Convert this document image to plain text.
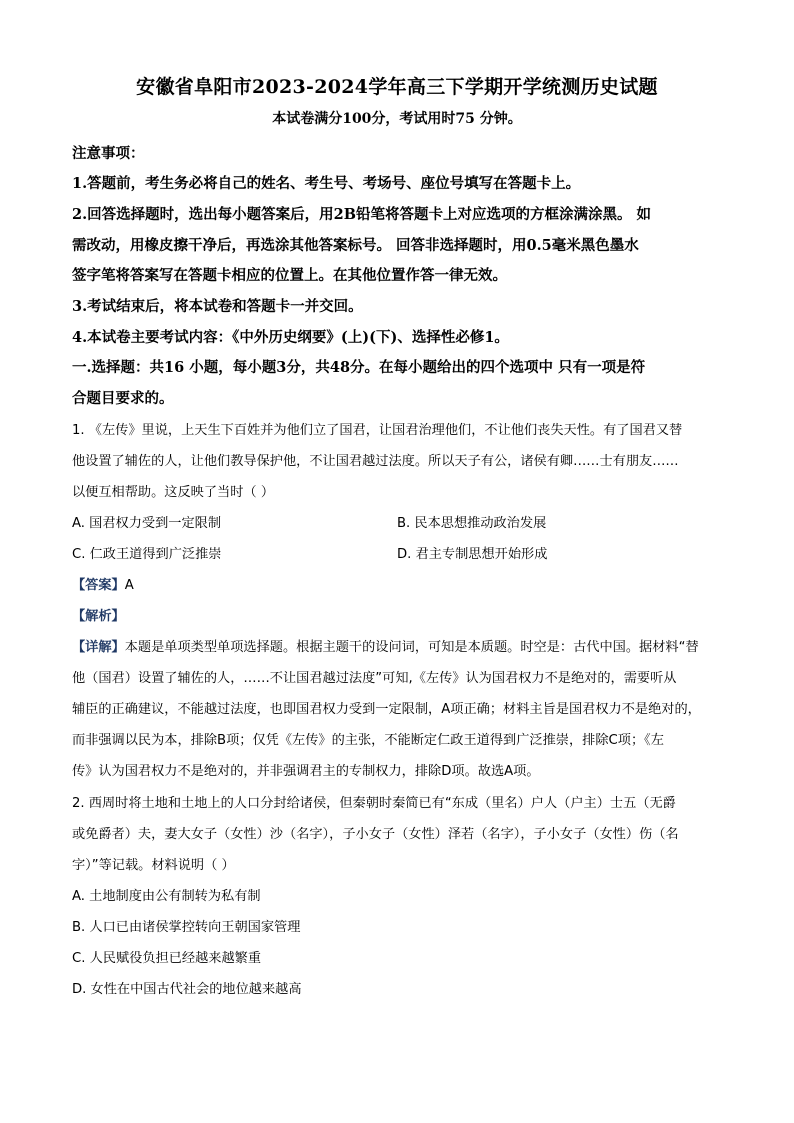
安徽省阜阳市2023-2024学年高三下学期开学统测历史试题
本试卷满分100分，考试用时75 分钟。
注意事项：
1.答题前，考生务必将自己的姓名、考生号、考场号、座位号填写在答题卡上。
2.回答选择题时，选出每小题答案后，用2B铅笔将答题卡上对应选项的方框涂满涂黑。 如
需改动，用橡皮擦干净后，再选涂其他答案标号。 回答非选择题时，用0.5毫米黑色墨水
签字笔将答案写在答题卡相应的位置上。在其他位置作答一律无效。
3.考试结束后，将本试卷和答题卡一并交回。
4.本试卷主要考试内容：《中外历史纲要》(上)(下)、选择性必修1。
一.选择题：共16 小题，每小题3分，共48分。在每小题给出的四个选项中 只有一项是符
合题目要求的。
1. 《左传》里说，上天生下百姓并为他们立了国君，让国君治理他们，不让他们丧失天性。有了国君又替
他设置了辅佐的人，让他们教导保护他，不让国君越过法度。所以天子有公，诸侯有卿……士有朋友……
以便互相帮助。这反映了当时（ ）
A. 国君权力受到一定限制	B. 民本思想推动政治发展
C. 仁政王道得到广泛推崇	D. 君主专制思想开始形成
【答案】A
【解析】
【详解】本题是单项类型单项选择题。根据主题干的设问词，可知是本质题。时空是：古代中国。据材料“替
他（国君）设置了辅佐的人，……不让国君越过法度”可知,《左传》认为国君权力不是绝对的，需要听从
辅臣的正确建议，不能越过法度，也即国君权力受到一定限制，A项正确；材料主旨是国君权力不是绝对的，
而非强调以民为本，排除B项；仅凭《左传》的主张，不能断定仁政王道得到广泛推崇，排除C项；《左
传》认为国君权力不是绝对的，并非强调君主的专制权力，排除D项。故选A项。
2. 西周时将土地和土地上的人口分封给诸侯，但秦朝时秦简已有“东成（里名）户人（户主）士五（无爵
或免爵者）夫，妻大女子（女性）沙（名字），子小女子（女性）泽若（名字），子小女子（女性）伤（名
字）”等记载。材料说明（ ）
A. 土地制度由公有制转为私有制
B. 人口已由诸侯掌控转向王朝国家管理
C. 人民赋役负担已经越来越繁重
D. 女性在中国古代社会的地位越来越高
